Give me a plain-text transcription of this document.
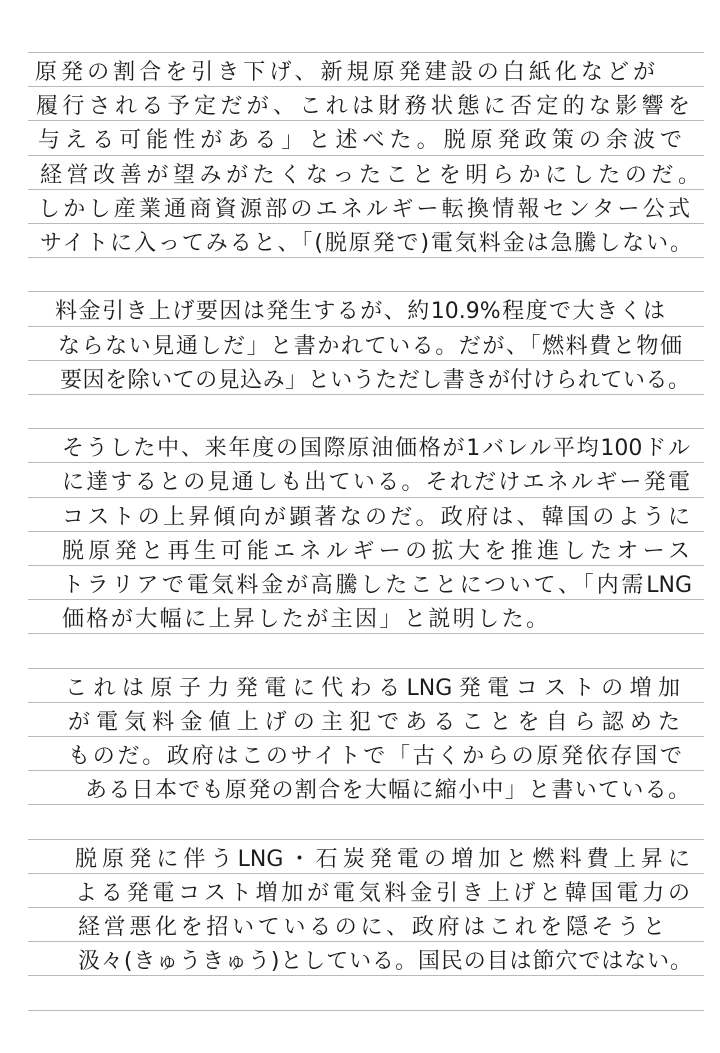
原発の割合を引き下げ、新規原発建設の白紙化などが
履行される予定だが、これは財務状態に否定的な影響を
与える可能性がある」と述べた。脱原発政策の余波で
経営改善が望みがたくなったことを明らかにしたのだ。
しかし産業通商資源部のエネルギー転換情報センター公式
サイトに入ってみると、「(脱原発で)電気料金は急騰しない。
料金引き上げ要因は発生するが、約10.9%程度で大きくは
ならない見通しだ」と書かれている。だが、「燃料費と物価
要因を除いての見込み」というただし書きが付けられている。
そうした中、来年度の国際原油価格が1バレル平均100ドル
に達するとの見通しも出ている。それだけエネルギー発電
コストの上昇傾向が顕著なのだ。政府は、韓国のように
脱原発と再生可能エネルギーの拡大を推進したオース
トラリアで電気料金が高騰したことについて、「内需LNG
価格が大幅に上昇したが主因」と説明した。
これは原子力発電に代わるLNG発電コストの増加
が電気料金値上げの主犯であることを自ら認めた
ものだ。政府はこのサイトで「古くからの原発依存国で
ある日本でも原発の割合を大幅に縮小中」と書いている。
脱原発に伴うLNG・石炭発電の増加と燃料費上昇に
よる発電コスト増加が電気料金引き上げと韓国電力の
経営悪化を招いているのに、政府はこれを隠そうと
汲々(きゅうきゅう)としている。国民の目は節穴ではない。
